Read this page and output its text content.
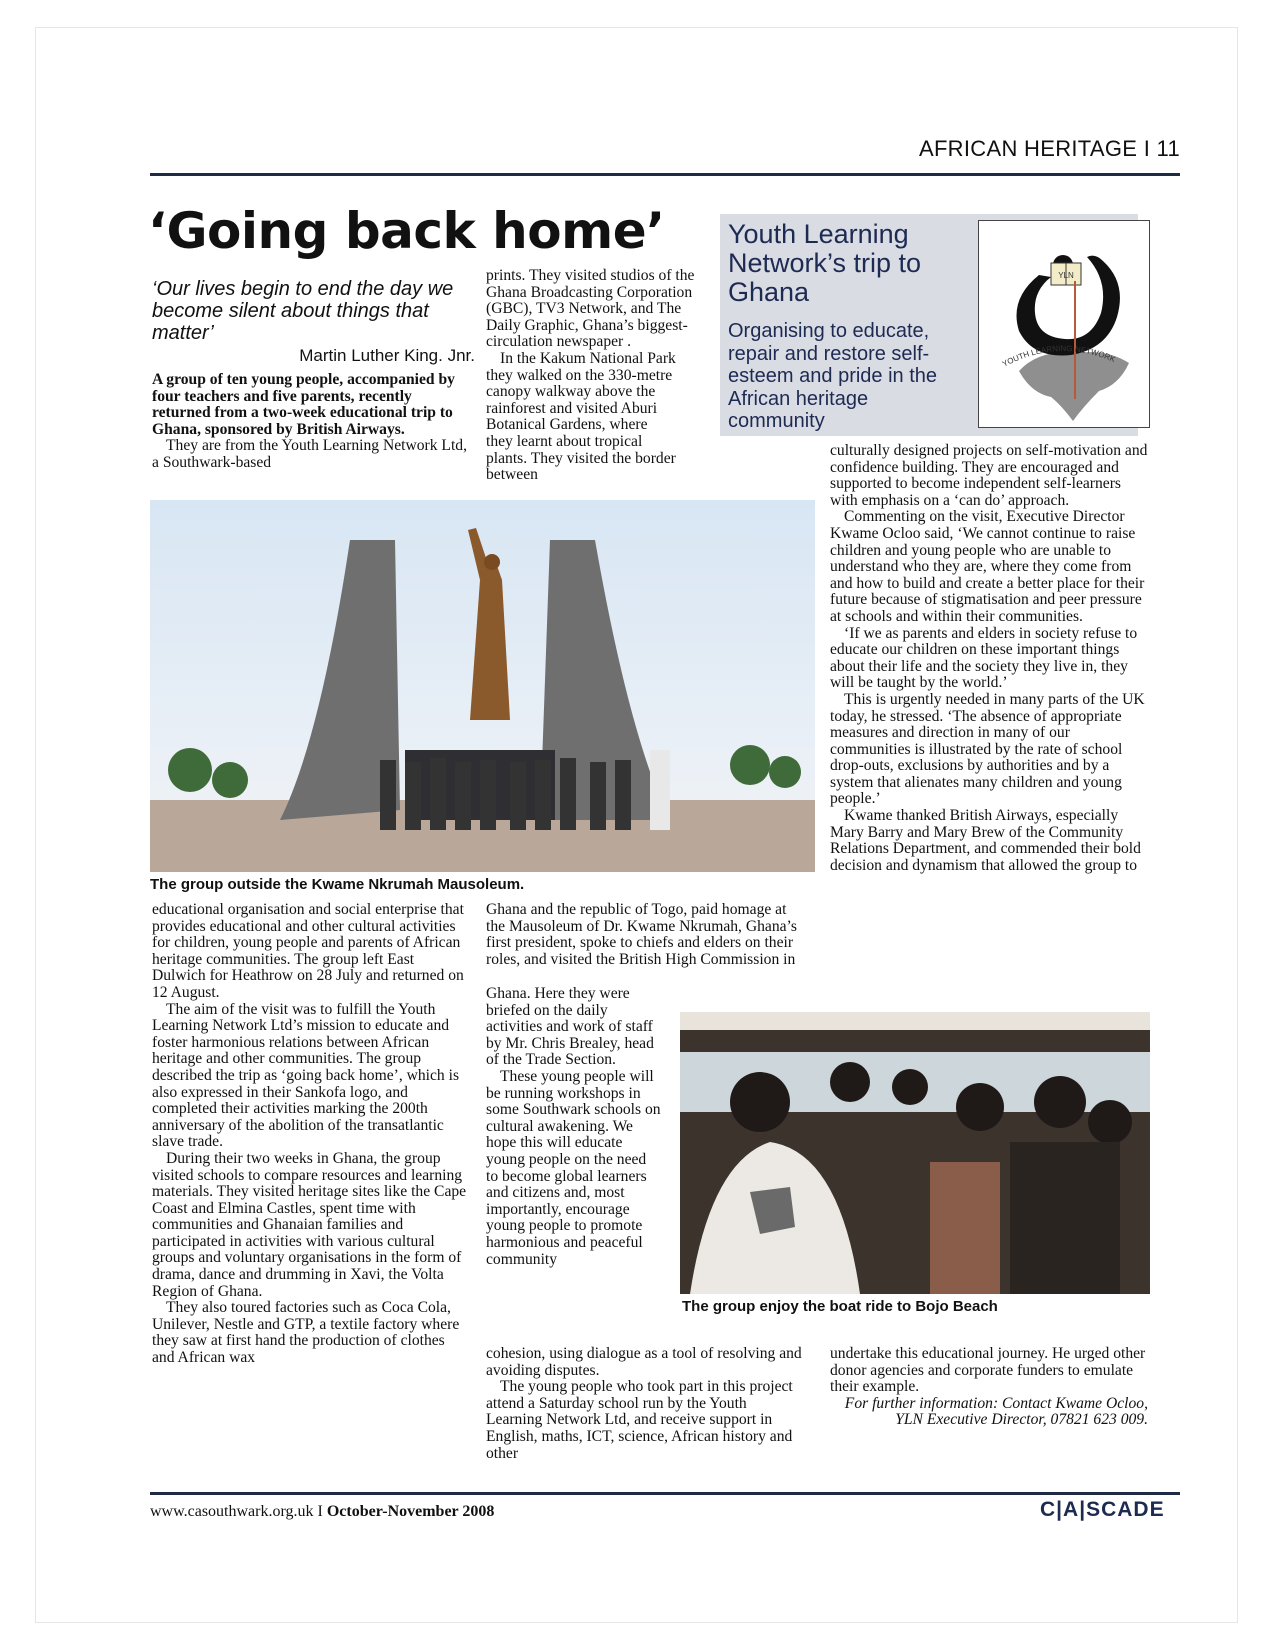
AFRICAN HERITAGE I 11
‘Going back home’
‘Our lives begin to end the day we become silent about things that matter’
Martin Luther King. Jnr.

A group of ten young people, accompanied by four teachers and five parents, recently returned from a two-week educational trip to Ghana, sponsored by British Airways.

They are from the Youth Learning Network Ltd, a Southwark-based

prints. They visited studios of the Ghana Broadcasting Corporation (GBC), TV3 Network, and The Daily Graphic, Ghana’s biggest-circulation newspaper .

In the Kakum National Park they walked on the 330-metre canopy walkway above the rainforest and visited Aburi Botanical Gardens, where they learnt about tropical plants. They visited the border between

Youth Learning Network’s trip to Ghana
Organising to educate, repair and restore self-esteem and pride in the African heritage community
YOUTH LEARNING NETWORK
YLN

culturally designed projects on self-motivation and confidence building. They are encouraged and supported to become independent self-learners with emphasis on a ‘can do’ approach.

Commenting on the visit, Executive Director Kwame Ocloo said, ‘We cannot continue to raise children and young people who are unable to understand who they are, where they come from and how to build and create a better place for their future because of stigmatisation and peer pressure at schools and within their communities.

‘If we as parents and elders in society refuse to educate our children on these important things about their life and the society they live in, they will be taught by the world.’

This is urgently needed in many parts of the UK today, he stressed. ‘The absence of appropriate measures and direction in many of our communities is illustrated by the rate of school drop-outs, exclusions by authorities and by a system that alienates many children and young people.’

Kwame thanked British Airways, especially Mary Barry and Mary Brew of the Community Relations Department, and commended their bold decision and dynamism that allowed the group to

The group outside the Kwame Nkrumah Mausoleum.

educational organisation and social enterprise that provides educational and other cultural activities for children, young people and parents of African heritage communities. The group left East Dulwich for Heathrow on 28 July and returned on 12 August.

The aim of the visit was to fulfill the Youth Learning Network Ltd’s mission to educate and foster harmonious relations between African heritage and other communities. The group described the trip as ‘going back home’, which is also expressed in their Sankofa logo, and completed their activities marking the 200th anniversary of the abolition of the transatlantic slave trade.

During their two weeks in Ghana, the group visited schools to compare resources and learning materials. They visited heritage sites like the Cape Coast and Elmina Castles, spent time with communities and Ghanaian families and participated in activities with various cultural groups and voluntary organisations in the form of drama, dance and drumming in Xavi, the Volta Region of Ghana.

They also toured factories such as Coca Cola, Unilever, Nestle and GTP, a textile factory where they saw at first hand the production of clothes and African wax

Ghana and the republic of Togo, paid homage at the Mausoleum of Dr. Kwame Nkrumah, Ghana’s first president, spoke to chiefs and elders on their roles, and visited the British High Commission in

Ghana. Here they were briefed on the daily activities and work of staff by Mr. Chris Brealey, head of the Trade Section.

These young people will be running workshops in some Southwark schools on cultural awakening. We hope this will educate young people on the need to become global learners and citizens and, most importantly, encourage young people to promote harmonious and peaceful community

cohesion, using dialogue as a tool of resolving and avoiding disputes.

The young people who took part in this project attend a Saturday school run by the Youth Learning Network Ltd, and receive support in English, maths, ICT, science, African history and other

The group enjoy the boat ride to Bojo Beach

undertake this educational journey. He urged other donor agencies and corporate funders to emulate their example.

For further information: Contact Kwame Ocloo, YLN Executive Director, 07821 623 009.

www.casouthwark.org.uk I October-November 2008	C|A|SCADE
